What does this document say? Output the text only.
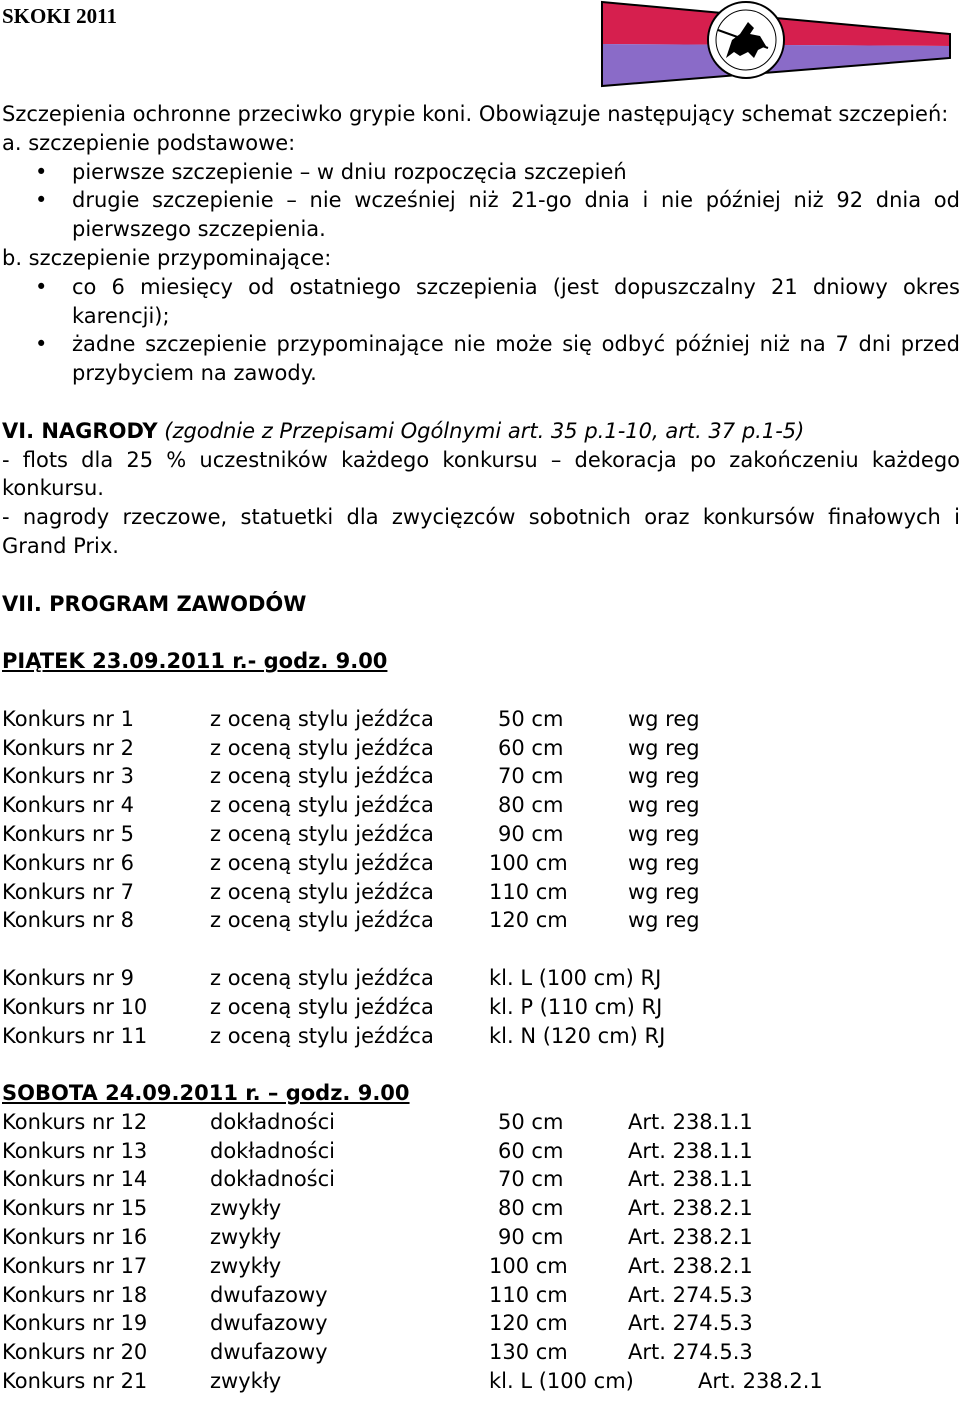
SKOKI 2011

Szczepienia ochronne przeciwko grypie koni. Obowiązuje następujący schemat szczepień:

a. szczepienie podstawowe:

• pierwsze szczepienie – w dniu rozpoczęcia szczepień
• drugie szczepienie – nie wcześniej niż 21-go dnia i nie później niż 92 dnia od pierwszego szczepienia.

b. szczepienie przypominające:

• co 6 miesięcy od ostatniego szczepienia (jest dopuszczalny 21 dniowy okres karencji);
• żadne szczepienie przypominające nie może się odbyć później niż na 7 dni przed przybyciem na zawody.

VI. NAGRODY (zgodnie z Przepisami Ogólnymi art. 35 p.1-10, art. 37 p.1-5)

- flots dla 25 % uczestników każdego konkursu – dekoracja po zakończeniu każdego konkursu.

- nagrody rzeczowe, statuetki dla zwycięzców sobotnich oraz konkursów finałowych i Grand Prix.

VII. PROGRAM ZAWODÓW

PIĄTEK 23.09.2011 r.- godz. 9.00

Konkurs nr 1	z oceną stylu jeźdźca	50 cm	wg reg
Konkurs nr 2	z oceną stylu jeźdźca	60 cm	wg reg
Konkurs nr 3	z oceną stylu jeźdźca	70 cm	wg reg
Konkurs nr 4	z oceną stylu jeźdźca	80 cm	wg reg
Konkurs nr 5	z oceną stylu jeźdźca	90 cm	wg reg
Konkurs nr 6	z oceną stylu jeźdźca	100 cm	wg reg
Konkurs nr 7	z oceną stylu jeźdźca	110 cm	wg reg
Konkurs nr 8	z oceną stylu jeźdźca	120 cm	wg reg
Konkurs nr 9	z oceną stylu jeźdźca	kl. L (100 cm) RJ
Konkurs nr 10	z oceną stylu jeźdźca	kl. P (110 cm) RJ
Konkurs nr 11	z oceną stylu jeźdźca	kl. N (120 cm) RJ

SOBOTA 24.09.2011 r. – godz. 9.00

Konkurs nr 12	dokładności	50 cm	Art. 238.1.1
Konkurs nr 13	dokładności	60 cm	Art. 238.1.1
Konkurs nr 14	dokładności	70 cm	Art. 238.1.1
Konkurs nr 15	zwykły	80 cm	Art. 238.2.1
Konkurs nr 16	zwykły	90 cm	Art. 238.2.1
Konkurs nr 17	zwykły	100 cm	Art. 238.2.1
Konkurs nr 18	dwufazowy	110 cm	Art. 274.5.3
Konkurs nr 19	dwufazowy	120 cm	Art. 274.5.3
Konkurs nr 20	dwufazowy	130 cm	Art. 274.5.3
Konkurs nr 21	zwykły	kl. L (100 cm)	Art. 238.2.1
